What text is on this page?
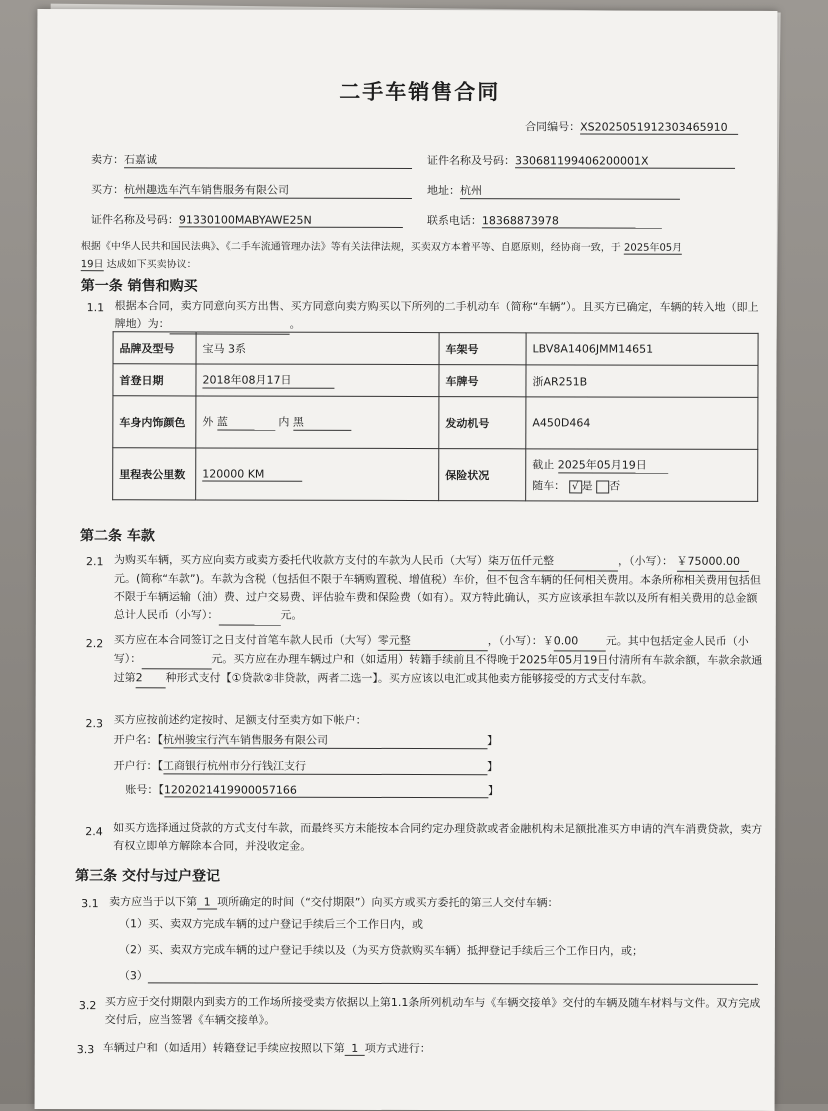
二手车销售合同
合同编号：XS2025051912303465910
卖方：石嘉诚	证件名称及号码：330681199406200001X
买方：杭州趣选车汽车销售服务有限公司	地址：杭州
证件名称及号码：91330100MABYAWE25N	联系电话：18368873978
根据《中华人民共和国民法典》、《二手车流通管理办法》等有关法律法规，买卖双方本着平等、自愿原则，经协商一致，于 2025年05月
19日 达成如下买卖协议：
第一条 销售和购买
1.1 根据本合同，卖方同意向买方出售、买方同意向卖方购买以下所列的二手机动车（简称“车辆”）。且买方已确定，车辆的转入地（即上牌地）为：	。
品牌及型号	宝马 3系	车架号	LBV8A1406JMM14651
首登日期	2018年08月17日	车牌号	浙AR251B
车身内饰颜色	外 蓝 内 黑	发动机号	A450D464
里程表公里数	120000 KM	保险状况	截止 2025年05月19日
随车： √ 是 否
第二条 车款
2.1 为购买车辆，买方应向卖方或卖方委托代收款方支付的车款为人民币（大写）柒万伍仟元整	，（小写）： ￥75000.00元。(简称“车款”)。车款为含税（包括但不限于车辆购置税、增值税）车价，但不包含车辆的任何相关费用。本条所称相关费用包括但不限于车辆运输（油）费、过户交易费、评估验车费和保险费（如有）。双方特此确认，买方应该承担车款以及所有相关费用的总金额总计人民币（小写）：	元。
2.2 买方应在本合同签订之日支付首笔车款人民币（大写）零元整	，（小写）：￥0.00 元。其中包括定金人民币（小写）：	元。买方应在办理车辆过户和（如适用）转籍手续前且不得晚于2025年05月19日付清所有车款余额，车款余款通过第2 种形式支付【①贷款②非贷款，两者二选一】。买方应该以电汇或其他卖方能够接受的方式支付车款。
2.3 买方应按前述约定按时、足额支付至卖方如下帐户：
开户名：【杭州骏宝行汽车销售服务有限公司	】
开户行：【工商银行杭州市分行钱江支行	】
账号：【1202021419900057166	】
2.4 如买方选择通过贷款的方式支付车款，而最终买方未能按本合同约定办理贷款或者金融机构未足额批准买方申请的汽车消费贷款，卖方有权立即单方解除本合同，并没收定金。
第三条 交付与过户登记
3.1 卖方应当于以下第 1 项所确定的时间（“交付期限”）向买方或买方委托的第三人交付车辆：
（1）买、卖双方完成车辆的过户登记手续后三个工作日内，或
（2）买、卖双方完成车辆的过户登记手续以及（为买方贷款购买车辆）抵押登记手续后三个工作日内，或；
（3）
3.2 买方应于交付期限内到卖方的工作场所接受卖方依据以上第1.1条所列机动车与《车辆交接单》交付的车辆及随车材料与文件。双方完成交付后，应当签署《车辆交接单》。
3.3 车辆过户和（如适用）转籍登记手续应按照以下第 1 项方式进行：
